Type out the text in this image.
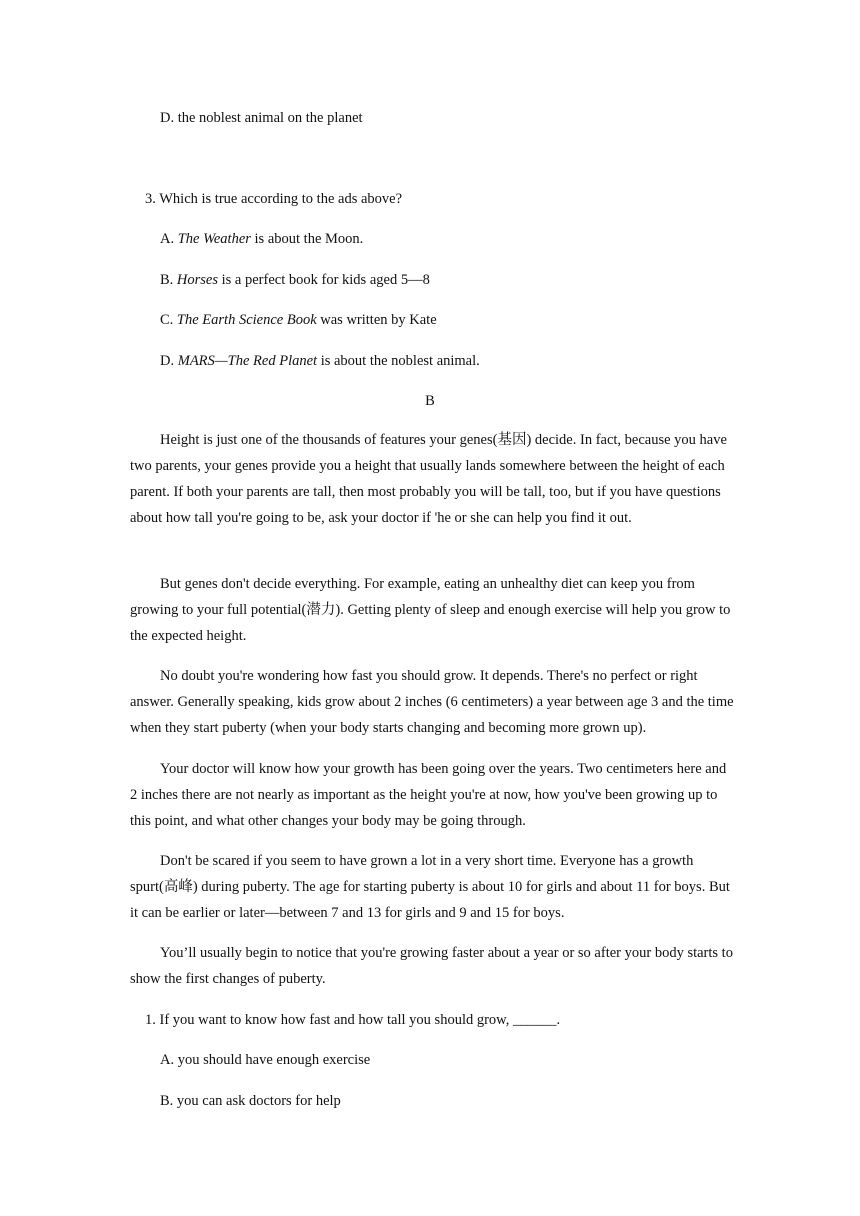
D. the noblest animal on the planet
3. Which is true according to the ads above?
A. The Weather is about the Moon.
B. Horses is a perfect book for kids aged 5—8
C. The Earth Science Book was written by Kate
D. MARS—The Red Planet is about the noblest animal.
B
Height is just one of the thousands of features your genes(基因) decide. In fact, because you have two parents, your genes provide you a height that usually lands somewhere between the height of each parent. If both your parents are tall, then most probably you will be tall, too, but if you have questions about how tall you're going to be, ask your doctor if 'he or she can help you find it out.
But genes don't decide everything. For example, eating an unhealthy diet can keep you from growing to your full potential(潜力). Getting plenty of sleep and enough exercise will help you grow to the expected height.
No doubt you're wondering how fast you should grow. It depends. There's no perfect or right answer. Generally speaking, kids grow about 2 inches (6 centimeters) a year between age 3 and the time when they start puberty (when your body starts changing and becoming more grown up).
Your doctor will know how your growth has been going over the years. Two centimeters here and 2 inches there are not nearly as important as the height you're at now, how you've been growing up to this point, and what other changes your body may be going through.
Don't be scared if you seem to have grown a lot in a very short time. Everyone has a growth spurt(高峰) during puberty. The age for starting puberty is about 10 for girls and about 11 for boys. But it can be earlier or later—between 7 and 13 for girls and 9 and 15 for boys.
You’ll usually begin to notice that you're growing faster about a year or so after your body starts to show the first changes of puberty.
1. If you want to know how fast and how tall you should grow, ______.
A. you should have enough exercise
B. you can ask doctors for help
